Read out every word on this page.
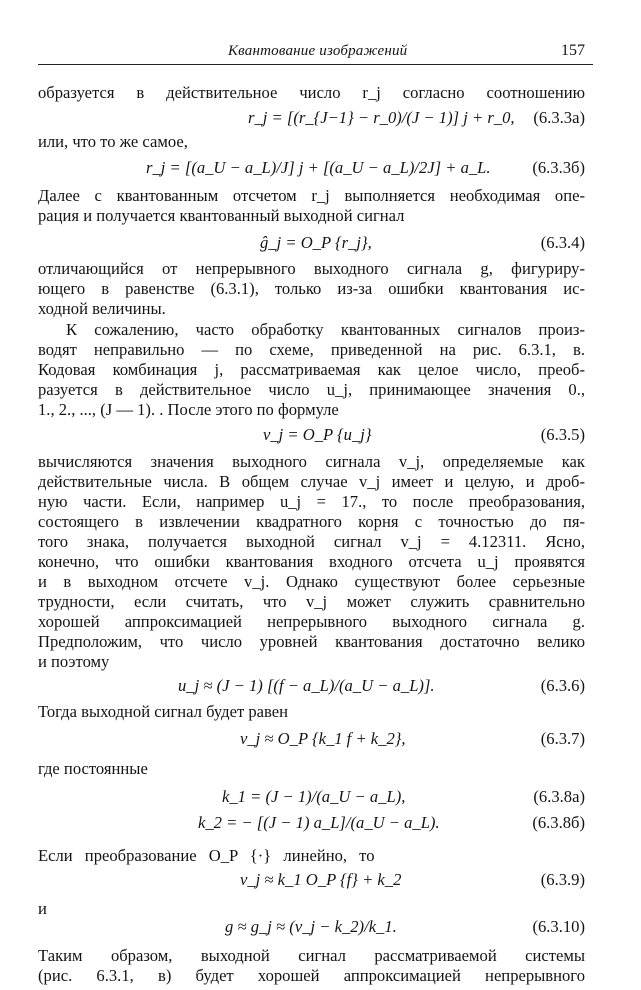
Квантование изображений	157
образуется в действительное число r_j согласно соотношению
r_j = [(r_{J−1} − r_0)/(J − 1)] j + r_0, (6.3.3a)
или, что то же самое,
r_j = [(a_U − a_L)/J] j + [(a_U − a_L)/2J] + a_L.	(6.3.3б)
Далее с квантованным отсчетом r_j выполняется необходимая опе-
рация и получается квантованный выходной сигнал
ĝ_j = O_P {r_j},	(6.3.4)
отличающийся от непрерывного выходного сигнала g, фигуриру-
ющего в равенстве (6.3.1), только из-за ошибки квантования ис-
ходной величины.
К сожалению, часто обработку квантованных сигналов произ-
водят неправильно — по схеме, приведенной на рис. 6.3.1, в.
Кодовая комбинация j, рассматриваемая как целое число, преоб-
разуется в действительное число u_j, принимающее значения 0.,
1., 2., ..., (J — 1). . После этого по формуле
v_j = O_P {u_j}	(6.3.5)
вычисляются значения выходного сигнала v_j, определяемые как
действительные числа. В общем случае v_j имеет и целую, и дроб-
ную части. Если, например u_j = 17., то после преобразования,
состоящего в извлечении квадратного корня с точностью до пя-
того знака, получается выходной сигнал v_j = 4.12311. Ясно,
конечно, что ошибки квантования входного отсчета u_j проявятся
и в выходном отсчете v_j. Однако существуют более серьезные
трудности, если считать, что v_j может служить сравнительно
хорошей аппроксимацией непрерывного выходного сигнала g.
Предположим, что число уровней квантования достаточно велико
и поэтому
u_j ≈ (J − 1) [(f − a_L)/(a_U − a_L)].	(6.3.6)
Тогда выходной сигнал будет равен
v_j ≈ O_P {k_1 f + k_2},	(6.3.7)
где постоянные
k_1 = (J − 1)/(a_U − a_L),	(6.3.8a)
k_2 = − [(J − 1) a_L]/(a_U − a_L).	(6.3.8б)
Если преобразование O_P {·} линейно, то
v_j ≈ k_1 O_P {f} + k_2	(6.3.9)
и
g ≈ g_j ≈ (v_j − k_2)/k_1.	(6.3.10)
Таким образом, выходной сигнал рассматриваемой системы
(рис. 6.3.1, в) будет хорошей аппроксимацией непрерывного
